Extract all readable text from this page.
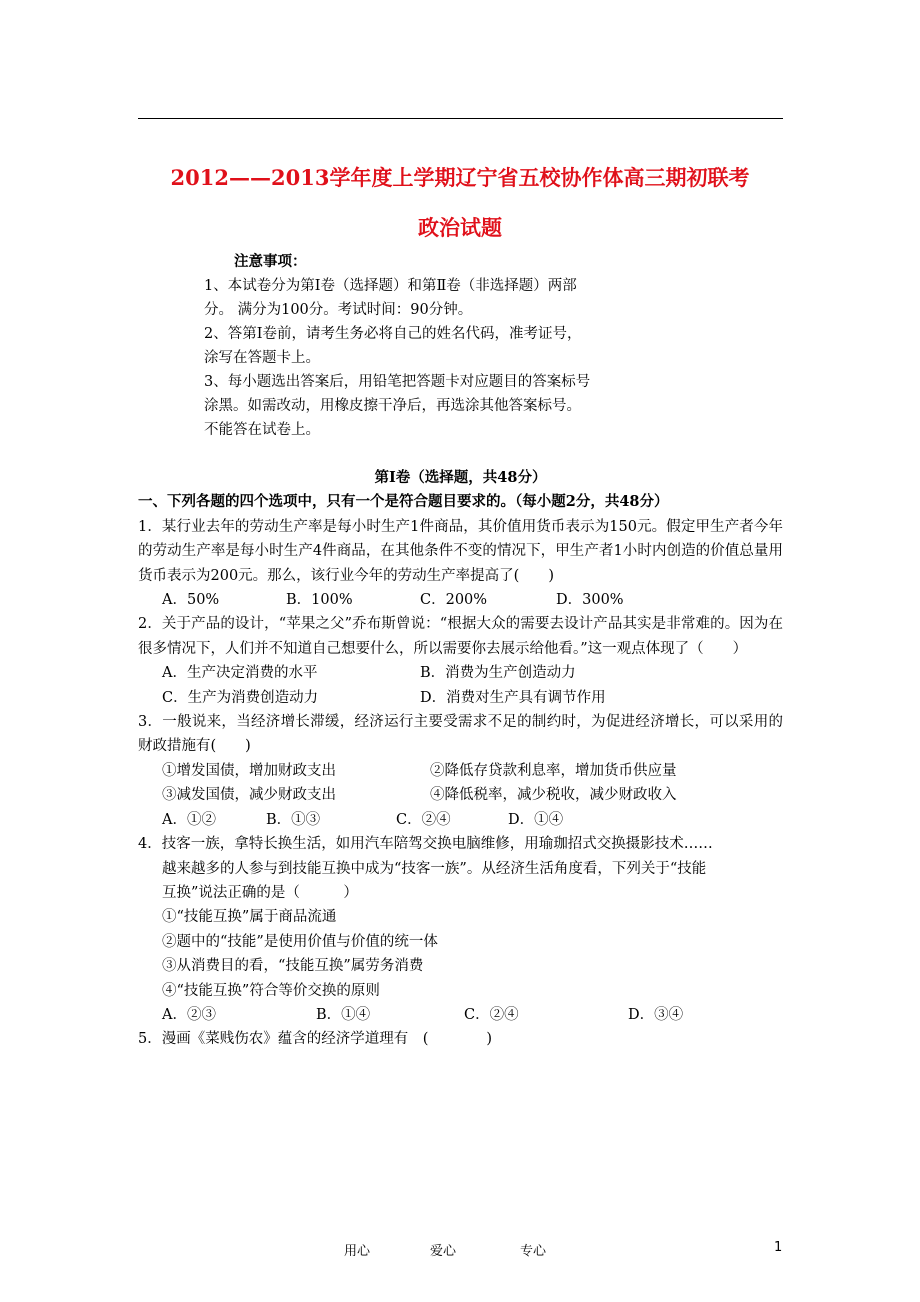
2012——2013学年度上学期辽宁省五校协作体高三期初联考
政治试题
注意事项：
1、本试卷分为第Ⅰ卷（选择题）和第Ⅱ卷（非选择题）两部
分。 满分为100分。考试时间：90分钟。
2、答第Ⅰ卷前，请考生务必将自己的姓名代码，准考证号，
涂写在答题卡上。
3、每小题选出答案后，用铅笔把答题卡对应题目的答案标号
涂黑。如需改动，用橡皮擦干净后，再选涂其他答案标号。
不能答在试卷上。
第Ⅰ卷（选择题，共48分）
一、下列各题的四个选项中，只有一个是符合题目要求的。（每小题2分，共48分）
1．某行业去年的劳动生产率是每小时生产1件商品，其价值用货币表示为150元。假定甲生产者今年的劳动生产率是每小时生产4件商品，在其他条件不变的情况下，甲生产者1小时内创造的价值总量用货币表示为200元。那么，该行业今年的劳动生产率提高了(　　)
A．50%	B．100%	C．200%	D．300%
2．关于产品的设计，“苹果之父”乔布斯曾说：“根据大众的需要去设计产品其实是非常难的。因为在很多情况下，人们并不知道自己想要什么，所以需要你去展示给他看。”这一观点体现了（　　）
A．生产决定消费的水平	B．消费为生产创造动力
C．生产为消费创造动力	D．消费对生产具有调节作用
3．一般说来，当经济增长滞缓，经济运行主要受需求不足的制约时，为促进经济增长，可以采用的财政措施有(　　)
①增发国债，增加财政支出	②降低存贷款利息率，增加货币供应量
③减发国债，减少财政支出	④降低税率，减少税收，减少财政收入
A．①②	B．①③	C．②④	D．①④
4．技客一族，拿特长换生活，如用汽车陪驾交换电脑维修，用瑜珈招式交换摄影技术……
越来越多的人参与到技能互换中成为“技客一族”。从经济生活角度看，下列关于“技能
互换”说法正确的是（　　　）
①“技能互换”属于商品流通
②题中的“技能”是使用价值与价值的统一体
③从消费目的看，“技能互换”属劳务消费
④“技能互换”符合等价交换的原则
A．②③	B．①④	C．②④	D．③④
5．漫画《菜贱伤农》蕴含的经济学道理有　(　　　　)
用心	爱心	专心	1
